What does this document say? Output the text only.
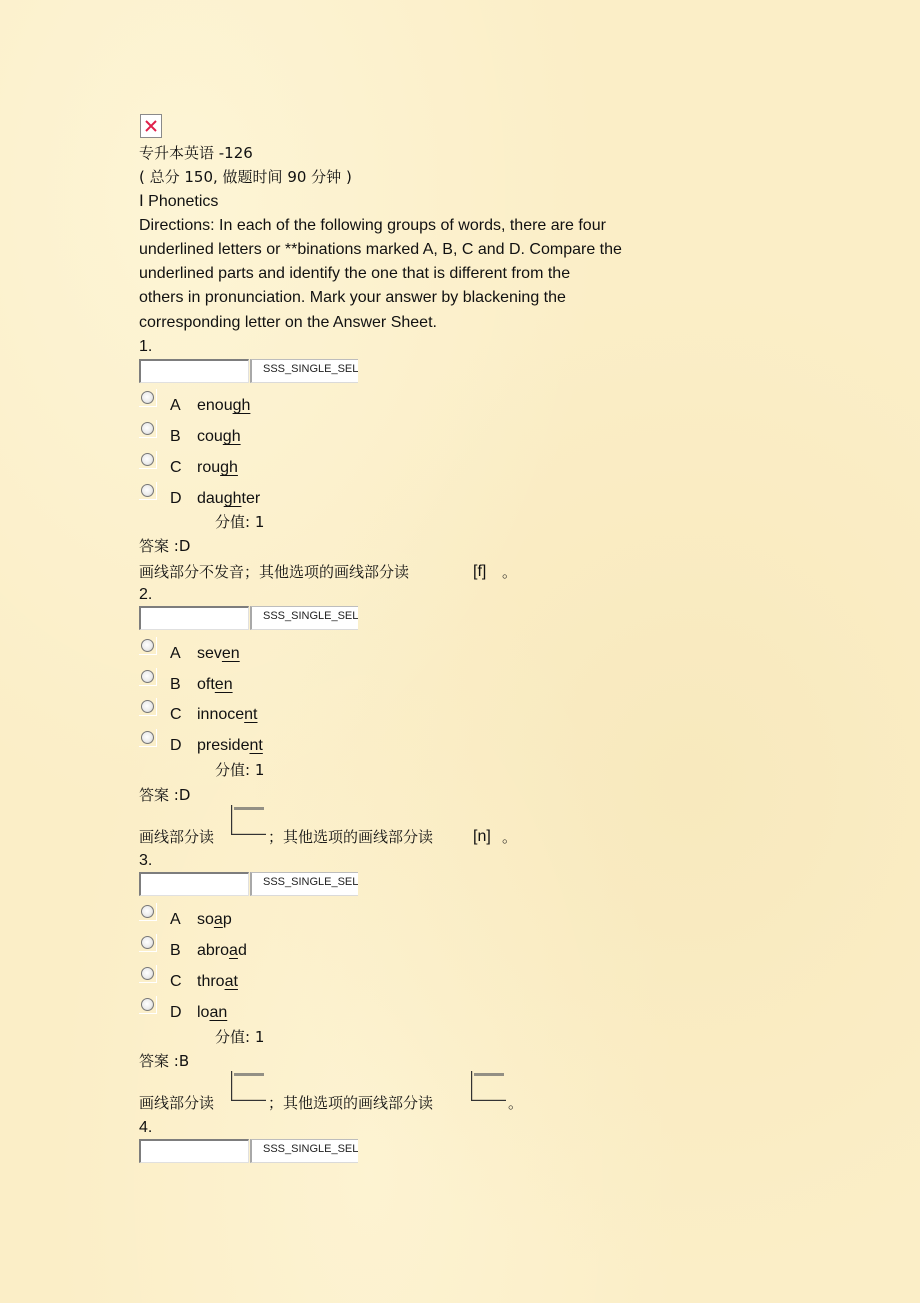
专升本英语 -126
( 总分 150, 做题时间 90 分钟 )
Ⅰ Phonetics
Directions: In each of the following groups of words, there are four
underlined letters or **binations marked A, B, C and D. Compare the
underlined parts and identify the one that is different from the
others in pronunciation. Mark your answer by blackening the
corresponding letter on the Answer Sheet.
1.
SSS_SINGLE_SEL
A enough
B cough
C rough
D daughter
分值: 1
答案 :D
画线部分不发音；其他选项的画线部分读	[f] 。
2.
SSS_SINGLE_SEL
A seven
B often
C innocent
D president
分值: 1
答案 :D
画线部分读	；其他选项的画线部分读 [n] 。
3.
SSS_SINGLE_SEL
A soap
B abroad
C throat
D loan
分值: 1
答案 :B
画线部分读	；其他选项的画线部分读	。
4.
SSS_SINGLE_SEL
